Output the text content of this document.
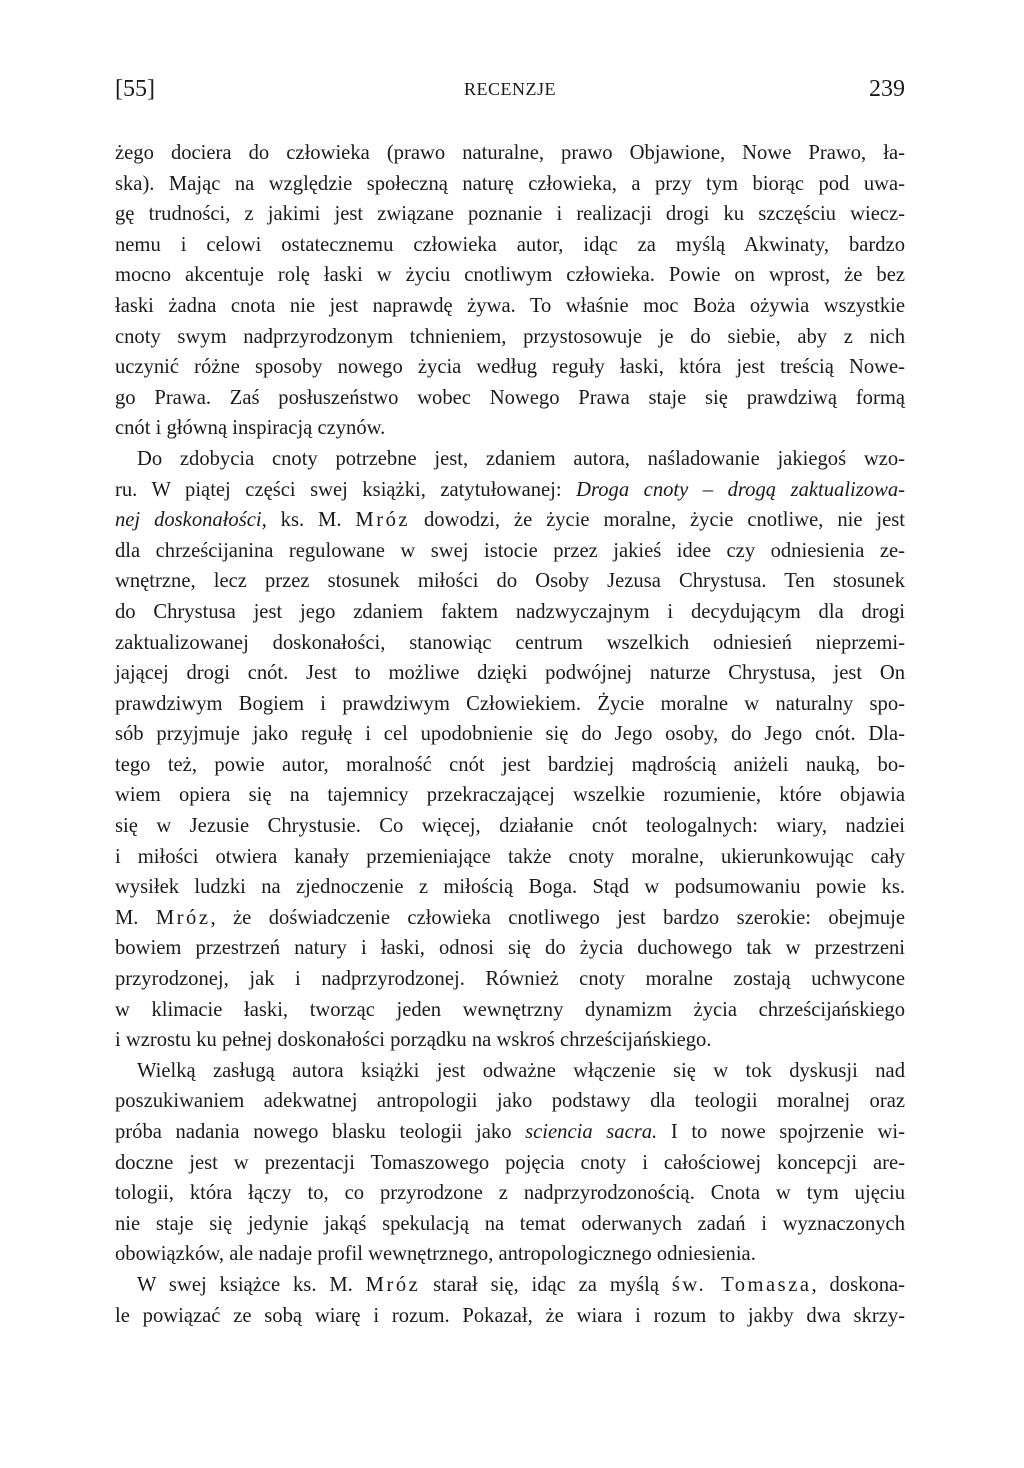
[55]	RECENZJE	239
żego dociera do człowieka (prawo naturalne, prawo Objawione, Nowe Prawo, ła-
ska). Mając na względzie społeczną naturę człowieka, a przy tym biorąc pod uwa-
gę trudności, z jakimi jest związane poznanie i realizacji drogi ku szczęściu wiecz-
nemu i celowi ostatecznemu człowieka autor, idąc za myślą Akwinaty, bardzo
mocno akcentuje rolę łaski w życiu cnotliwym człowieka. Powie on wprost, że bez
łaski żadna cnota nie jest naprawdę żywa. To właśnie moc Boża ożywia wszystkie
cnoty swym nadprzyrodzonym tchnieniem, przystosowuje je do siebie, aby z nich
uczynić różne sposoby nowego życia według reguły łaski, która jest treścią Nowe-
go Prawa. Zaś posłuszeństwo wobec Nowego Prawa staje się prawdziwą formą
cnót i główną inspiracją czynów.
Do zdobycia cnoty potrzebne jest, zdaniem autora, naśladowanie jakiegoś wzo-
ru. W piątej części swej książki, zatytułowanej: Droga cnoty – drogą zaktualizowa-
nej doskonałości, ks. M. Mróz dowodzi, że życie moralne, życie cnotliwe, nie jest
dla chrześcijanina regulowane w swej istocie przez jakieś idee czy odniesienia ze-
wnętrzne, lecz przez stosunek miłości do Osoby Jezusa Chrystusa. Ten stosunek
do Chrystusa jest jego zdaniem faktem nadzwyczajnym i decydującym dla drogi
zaktualizowanej doskonałości, stanowiąc centrum wszelkich odniesień nieprzemi-
jającej drogi cnót. Jest to możliwe dzięki podwójnej naturze Chrystusa, jest On
prawdziwym Bogiem i prawdziwym Człowiekiem. Życie moralne w naturalny spo-
sób przyjmuje jako regułę i cel upodobnienie się do Jego osoby, do Jego cnót. Dla-
tego też, powie autor, moralność cnót jest bardziej mądrością aniżeli nauką, bo-
wiem opiera się na tajemnicy przekraczającej wszelkie rozumienie, które objawia
się w Jezusie Chrystusie. Co więcej, działanie cnót teologalnych: wiary, nadziei
i miłości otwiera kanały przemieniające także cnoty moralne, ukierunkowując cały
wysiłek ludzki na zjednoczenie z miłością Boga. Stąd w podsumowaniu powie ks.
M. Mróz, że doświadczenie człowieka cnotliwego jest bardzo szerokie: obejmuje
bowiem przestrzeń natury i łaski, odnosi się do życia duchowego tak w przestrzeni
przyrodzonej, jak i nadprzyrodzonej. Również cnoty moralne zostają uchwycone
w klimacie łaski, tworząc jeden wewnętrzny dynamizm życia chrześcijańskiego
i wzrostu ku pełnej doskonałości porządku na wskroś chrześcijańskiego.
Wielką zasługą autora książki jest odważne włączenie się w tok dyskusji nad
poszukiwaniem adekwatnej antropologii jako podstawy dla teologii moralnej oraz
próba nadania nowego blasku teologii jako sciencia sacra. I to nowe spojrzenie wi-
doczne jest w prezentacji Tomaszowego pojęcia cnoty i całościowej koncepcji are-
tologii, która łączy to, co przyrodzone z nadprzyrodzonością. Cnota w tym ujęciu
nie staje się jedynie jakąś spekulacją na temat oderwanych zadań i wyznaczonych
obowiązków, ale nadaje profil wewnętrznego, antropologicznego odniesienia.
W swej książce ks. M. Mróz starał się, idąc za myślą św. Tomasza, doskona-
le powiązać ze sobą wiarę i rozum. Pokazał, że wiara i rozum to jakby dwa skrzy-
